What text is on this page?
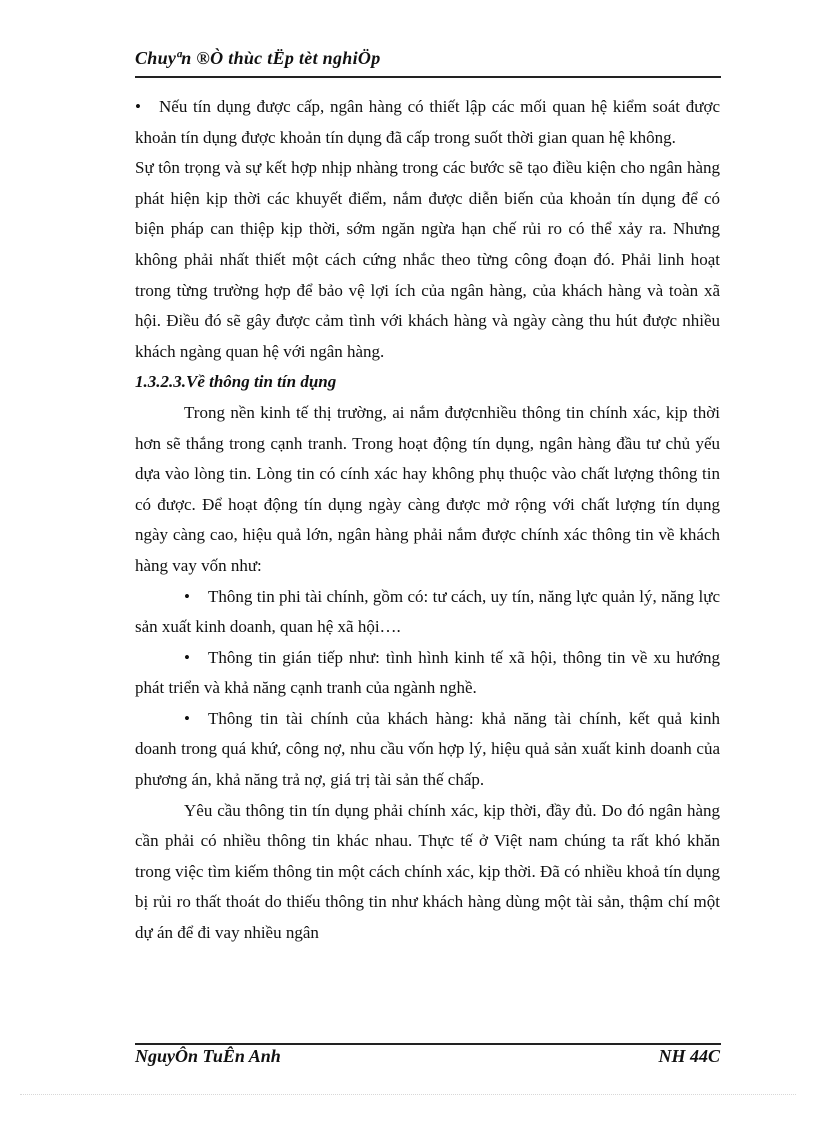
Chuyªn ®Ò thùc tËp tèt nghiÖp

• Nếu tín dụng được cấp, ngân hàng có thiết lập các mối quan hệ kiểm soát được khoản tín dụng được khoản tín dụng đã cấp trong suốt thời gian quan hệ không.

Sự tôn trọng và sự kết hợp nhịp nhàng trong các bước sẽ tạo điều kiện cho ngân hàng phát hiện kịp thời các khuyết điểm, nắm được diễn biến của khoản tín dụng để có biện pháp can thiệp kịp thời, sớm ngăn ngừa hạn chế rủi ro có thể xảy ra. Nhưng không phải nhất thiết một cách cứng nhắc theo từng công đoạn đó. Phải linh hoạt trong từng trường hợp để bảo vệ lợi ích của ngân hàng, của khách hàng và toàn xã hội. Điều đó sẽ gây được cảm tình với khách hàng và ngày càng thu hút được nhiều khách ngàng quan hệ với ngân hàng.

1.3.2.3.Về thông tin tín dụng

Trong nền kinh tế thị trường, ai nắm đượcnhiều thông tin chính xác, kịp thời hơn sẽ thắng trong cạnh tranh. Trong hoạt động tín dụng, ngân hàng đầu tư chủ yếu dựa vào lòng tin. Lòng tin có cính xác hay không phụ thuộc vào chất lượng thông tin có được. Để hoạt động tín dụng ngày càng được mở rộng với chất lượng tín dụng ngày càng cao, hiệu quả lớn, ngân hàng phải nắm được chính xác thông tin về khách hàng vay vốn như:

• Thông tin phi tài chính, gồm có: tư cách, uy tín, năng lực quản lý, năng lực sản xuất kinh doanh, quan hệ xã hội….

• Thông tin gián tiếp như: tình hình kinh tế xã hội, thông tin về xu hướng phát triển và khả năng cạnh tranh của ngành nghề.

• Thông tin tài chính của khách hàng: khả năng tài chính, kết quả kinh doanh trong quá khứ, công nợ, nhu cầu vốn hợp lý, hiệu quả sản xuất kinh doanh của phương án, khả năng trả nợ, giá trị tài sản thế chấp.

Yêu cầu thông tin tín dụng phải chính xác, kịp thời, đầy đủ. Do đó ngân hàng cần phải có nhiều thông tin khác nhau. Thực tế ở Việt nam chúng ta rất khó khăn trong việc tìm kiếm thông tin một cách chính xác, kịp thời. Đã có nhiều khoả tín dụng bị rủi ro thất thoát do thiếu thông tin như khách hàng dùng một tài sản, thậm chí một dự án để đi vay nhiều ngân

NguyÔn TuÊn Anh	NH 44C
